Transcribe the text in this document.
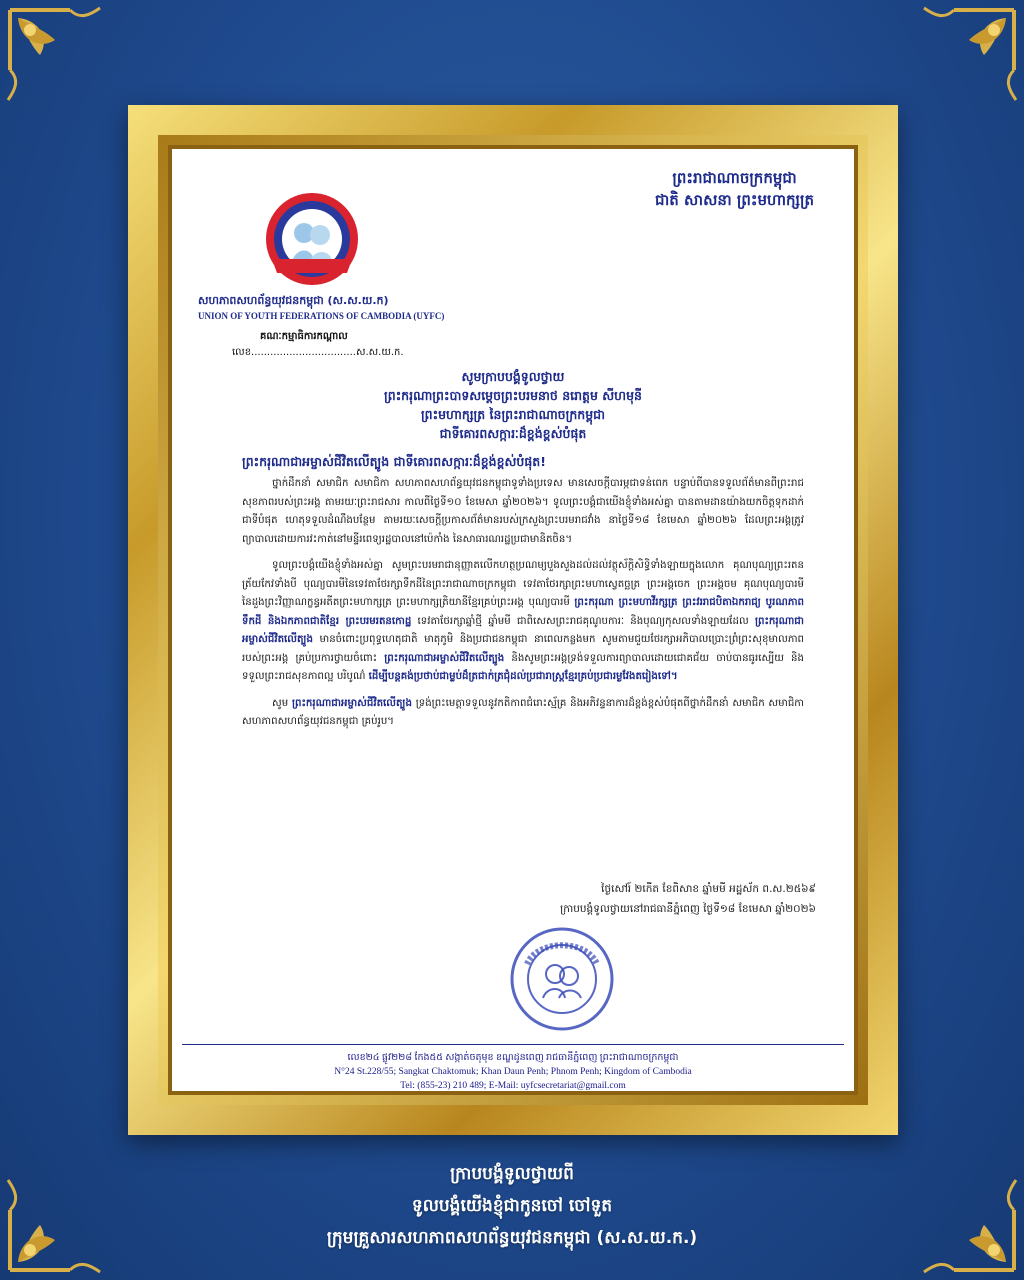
ព្រះរាជាណាចក្រកម្ពុជា
ជាតិ សាសនា ព្រះមហាក្សត្រ
សហភាពសហព័ន្ធយុវជនកម្ពុជា (ស.ស.យ.ក)
UNION OF YOUTH FEDERATIONS OF CAMBODIA (UYFC)
គណៈកម្មាធិការកណ្ដាល
លេខ.................................ស.ស.យ.ក.
សូមក្រាបបង្គំទូលថ្វាយ
ព្រះករុណាព្រះបាទសម្តេចព្រះបរមនាថ នរោត្តម សីហមុនី
ព្រះមហាក្សត្រ នៃព្រះរាជាណាចក្រកម្ពុជា
ជាទីគោរពសក្ការៈដ៏ខ្ពង់ខ្ពស់បំផុត
ព្រះករុណាជាអម្ចាស់ជីវិតលើត្បូង ជាទីគោរពសក្ការៈដ៏ខ្ពង់ខ្ពស់បំផុត!

ថ្នាក់ដឹកនាំ សមាជិក សមាជិកា សហភាពសហព័ន្ធយុវជនកម្ពុជាទូទាំងប្រទេស មានសេចក្ដីបារម្ភជាទន់ពេក បន្ទាប់ពីបានទទួលព័ត៌មានពីព្រះរាជសុខភាពរបស់ព្រះអង្គ តាមរយៈព្រះរាជសារ កាលពីថ្ងៃទី១០ ខែមេសា ឆ្នាំ២០២៦។ ទូលព្រះបង្គំជាយើងខ្ញុំទាំងអស់គ្នា បានតាមដានយ៉ាងយកចិត្តទុកដាក់ជាទីបំផុត ហេតុទទួលដំណឹងបន្ថែម តាមរយៈសេចក្ដីប្រកាសព័ត៌មានរបស់ក្រសួងព្រះបរមរាជវាំង នាថ្ងៃទី១៨ ខែមេសា ឆ្នាំ២០២៦ ដែលព្រះអង្គត្រូវព្យាបាលដោយការវះកាត់នៅមន្ទីរពេទ្យរដ្ឋបាលនៅប៉េកាំង នៃសាធារណរដ្ឋប្រជាមានិតចិន។

ទូលព្រះបង្គំយើងខ្ញុំទាំងអស់គ្នា សូមព្រះបរមរាជានុញ្ញាតលើកហត្ថប្រណម្យបួងសួងដល់ដល់វត្ថុស័ក្តិសិទ្ធិទាំងឡាយក្នុងលោក គុណបុណ្យព្រះរតនត្រ័យកែវទាំងបី បុណ្យបារមីនៃទេវតាថែរក្សាទឹកដីនៃព្រះរាជាណាចក្រកម្ពុជា ទេវតាថែរក្សាព្រះមហាស្វេតច្ឆត្រ ព្រះអង្គចេក ព្រះអង្គចម គុណបុណ្យបារមីនៃដួងព្រះវិញ្ញាណក្ខន្ធអតីតព្រះមហាក្សត្រ ព្រះមហាក្សត្រិយានីខ្មែរគ្រប់ព្រះអង្គ បុណ្យបារមី ព្រះករុណា ព្រះមហាវីរក្សត្រ ព្រះវររាជបិតាឯករាជ្យ បូរណភាពទឹកដី និងឯកភាពជាតិខ្មែរ ព្រះបរមរតនកោដ្ឋ ទេវតាថែរក្សាឆ្នាំថ្មី ឆ្នាំមមី ជាពិសេសព្រះរាជគុណូបការៈ និងបុណ្យកុសលទាំងឡាយដែល ព្រះករុណាជាអម្ចាស់ជីវិតលើត្បូង មានចំពោះប្រពុទ្ធហេតុជាតិ មាតុភូមិ និងប្រជាជនកម្ពុជា នាពេលកន្លងមក សូមតាមជួយថែរក្សាអភិបាលប្រោះព្រំព្រះសុខុមាលភាពរបស់ព្រះអង្គ គ្រប់ប្រការថ្វាយចំពោះ ព្រះករុណាជាអម្ចាស់ជីវិតលើត្បូង និងសូមព្រះអង្គទ្រង់ទទួលការព្យាបាលដោយជោគជ័យ ចាប់បានធូរស្បើយ និងទទួលព្រះរាជសុខភាពល្អ បរិបូណ៌ ដើម្បីបន្តគង់ប្រថាប់ជាម្លប់ដ៏ត្រជាក់ត្រជុំដល់ប្រជារាស្ត្រខ្មែរគ្រប់ប្រជារម្ងវែងតរៀងទៅ។

សូម ព្រះករុណាជាអម្ចាស់ជីវិតលើត្បូង ទ្រង់ព្រះមេត្តាទទួលនូវកតិកាពជំរោះស្ម័គ្រ និងអភិវន្ទនាការដ៏ខ្ពង់ខ្ពស់បំផុតពីថ្នាក់ដឹកនាំ សមាជិក សមាជិកា សហភាពសហព័ន្ធយុវជនកម្ពុជា គ្រប់រូប។

ថ្ងៃសៅរ៍ ២កើត ខែពិសាខ ឆ្នាំមមី អដ្ឋស័ក ព.ស.២៥៦៩
ក្រាបបង្គំទូលថ្វាយនៅរាជធានីភ្នំពេញ ថ្ងៃទី១៨ ខែមេសា ឆ្នាំ២០២៦
លេខ២៤ ផ្លូវ២២៨ កែង៥៥ សង្កាត់ចតុមុខ ខណ្ឌដូនពេញ រាជធានីភ្នំពេញ ព្រះរាជាណាចក្រកម្ពុជា
N°24 St.228/55; Sangkat Chaktomuk; Khan Daun Penh; Phnom Penh; Kingdom of Cambodia
Tel: (855-23) 210 489; E-Mail: uyfcsecretariat@gmail.com
ក្រាបបង្គំទូលថ្វាយពី
ទូលបង្គំយើងខ្ញុំជាកូនចៅ ចៅទួត
ក្រុមគ្រួសារសហភាពសហព័ន្ធយុវជនកម្ពុជា (ស.ស.យ.ក.)
